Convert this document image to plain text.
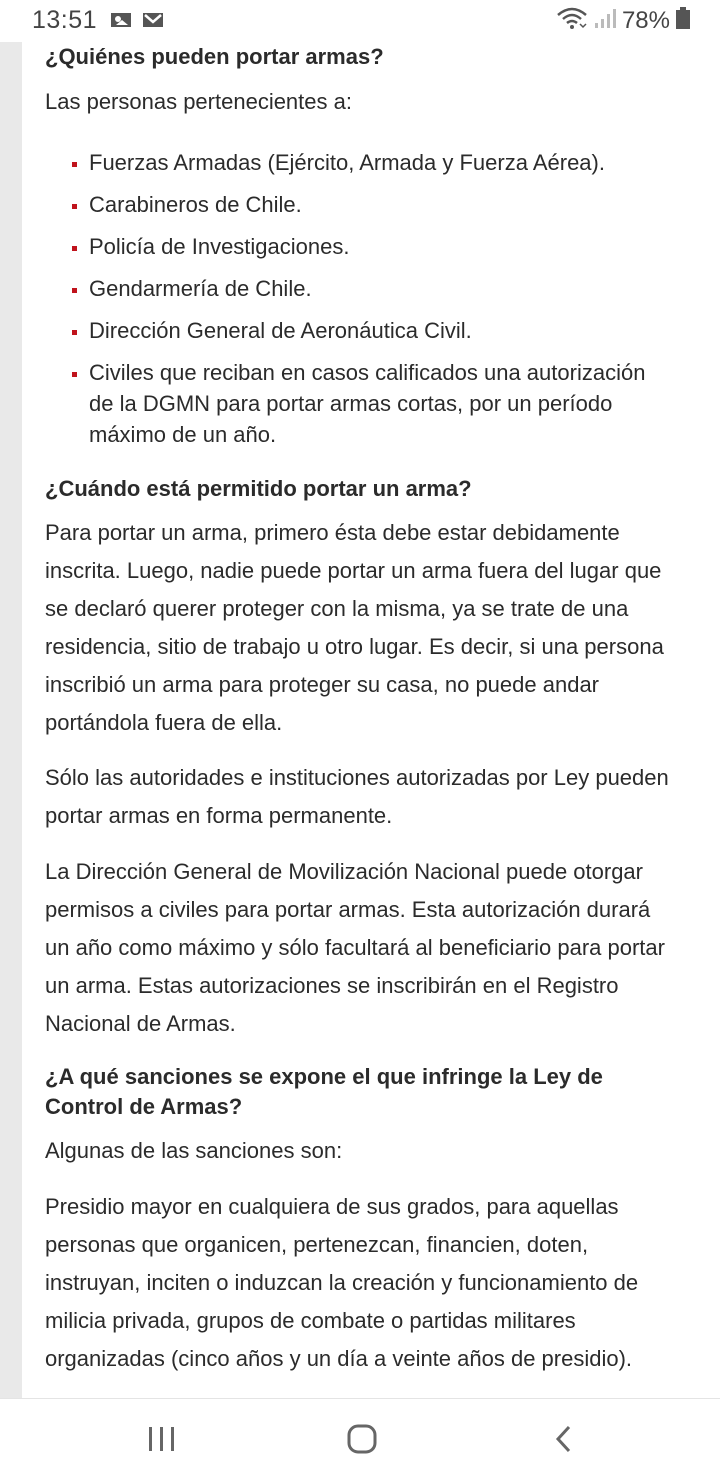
13:51	78%
¿Quiénes pueden portar armas?

Las personas pertenecientes a:

Fuerzas Armadas (Ejército, Armada y Fuerza Aérea).
Carabineros de Chile.
Policía de Investigaciones.
Gendarmería de Chile.
Dirección General de Aeronáutica Civil.
Civiles que reciban en casos calificados una autorización de la DGMN para portar armas cortas, por un período máximo de un año.
¿Cuándo está permitido portar un arma?

Para portar un arma, primero ésta debe estar debidamente inscrita. Luego, nadie puede portar un arma fuera del lugar que se declaró querer proteger con la misma, ya se trate de una residencia, sitio de trabajo u otro lugar. Es decir, si una persona inscribió un arma para proteger su casa, no puede andar portándola fuera de ella.

Sólo las autoridades e instituciones autorizadas por Ley pueden portar armas en forma permanente.

La Dirección General de Movilización Nacional puede otorgar permisos a civiles para portar armas. Esta autorización durará un año como máximo y sólo facultará al beneficiario para portar un arma. Estas autorizaciones se inscribirán en el Registro Nacional de Armas.

¿A qué sanciones se expone el que infringe la Ley de Control de Armas?

Algunas de las sanciones son:

Presidio mayor en cualquiera de sus grados, para aquellas personas que organicen, pertenezcan, financien, doten, instruyan, inciten o induzcan la creación y funcionamiento de milicia privada, grupos de combate o partidas militares organizadas (cinco años y un día a veinte años de presidio).
